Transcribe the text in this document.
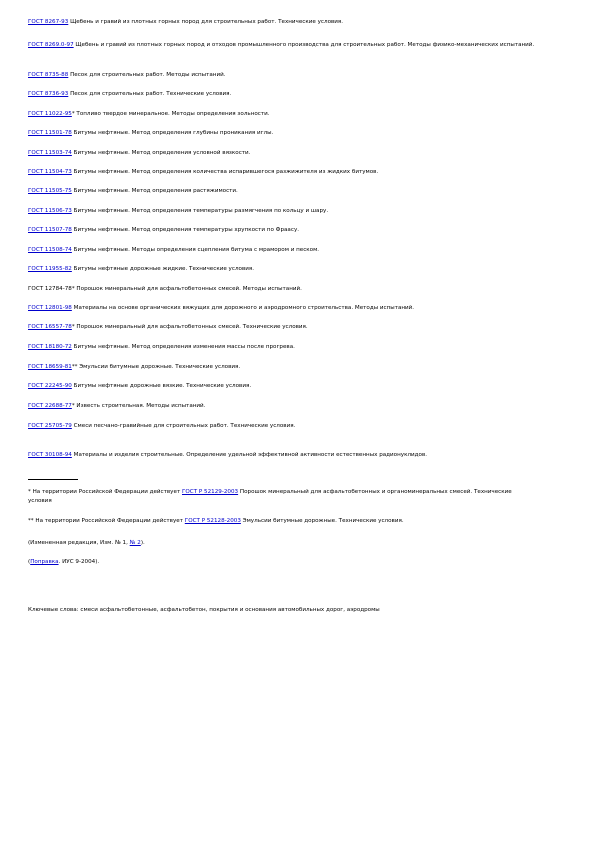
ГОСТ 8267-93 Щебень и гравий из плотных горных пород для строительных работ. Технические условия.
ГОСТ 8269.0-97 Щебень и гравий из плотных горных пород и отходов промышленного производства для строительных работ. Методы физико-механических испытаний.
ГОСТ 8735-88 Песок для строительных работ. Методы испытаний.
ГОСТ 8736-93 Песок для строительных работ. Технические условия.
ГОСТ 11022-95* Топливо твердое минеральное. Методы определения зольности.
ГОСТ 11501-78 Битумы нефтяные. Метод определения глубины проникания иглы.
ГОСТ 11503-74 Битумы нефтяные. Метод определения условной вязкости.
ГОСТ 11504-73 Битумы нефтяные. Метод определения количества испарившегося разжижителя из жидких битумов.
ГОСТ 11505-75 Битумы нефтяные. Метод определения растяжимости.
ГОСТ 11506-73 Битумы нефтяные. Метод определения температуры размягчения по кольцу и шару.
ГОСТ 11507-78 Битумы нефтяные. Метод определения температуры хрупкости по Фраасу.
ГОСТ 11508-74 Битумы нефтяные. Методы определения сцепления битума с мрамором и песком.
ГОСТ 11955-82 Битумы нефтяные дорожные жидкие. Технические условия.
ГОСТ 12784-78* Порошок минеральный для асфальтобетонных смесей. Методы испытаний.
ГОСТ 12801-98 Материалы на основе органических вяжущих для дорожного и аэродромного строительства. Методы испытаний.
ГОСТ 16557-78* Порошок минеральный для асфальтобетонных смесей. Технические условия.
ГОСТ 18180-72 Битумы нефтяные. Метод определения изменения массы после прогрева.
ГОСТ 18659-81** Эмульсии битумные дорожные. Технические условия.
ГОСТ 22245-90 Битумы нефтяные дорожные вязкие. Технические условия.
ГОСТ 22688-77* Известь строительная. Методы испытаний.
ГОСТ 25705-79 Смеси песчано-гравийные для строительных работ. Технические условия.
ГОСТ 30108-94 Материалы и изделия строительные. Определение удельной эффективной активности естественных радионуклидов.
* На территории Российской Федерации действует ГОСТ Р 52129-2003 Порошок минеральный для асфальтобетонных и органоминеральных смесей. Технические условия
** На территории Российской Федерации действует ГОСТ Р 52128-2003 Эмульсии битумные дорожные. Технические условия.
(Измененная редакция, Изм. № 1, № 2).
(Поправка. ИУС 9-2004).
Ключевые слова: смеси асфальтобетонные, асфальтобетон, покрытия и основания автомобильных дорог, аэродромы
